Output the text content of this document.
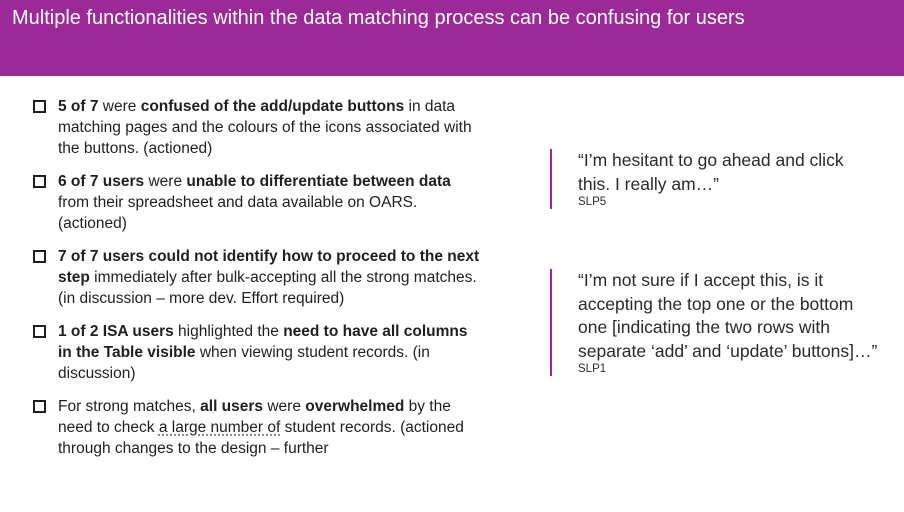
Multiple functionalities within the data matching process can be confusing for users
5 of 7 were confused of the add/update buttons in data matching pages and the colours of the icons associated with the buttons. (actioned)
6 of 7 users were unable to differentiate between data from their spreadsheet and data available on OARS. (actioned)
7 of 7 users could not identify how to proceed to the next step immediately after bulk-accepting all the strong matches. (in discussion – more dev. Effort required)
1 of 2 ISA users highlighted the need to have all columns in the Table visible when viewing student records. (in discussion)
For strong matches, all users were overwhelmed by the need to check a large number of student records. (actioned through changes to the design – further
“I’m hesitant to go ahead and click this. I really am…”
SLP5
“I’m not sure if I accept this, is it accepting the top one or the bottom one [indicating the two rows with separate ‘add’ and ‘update’ buttons]…”
SLP1
